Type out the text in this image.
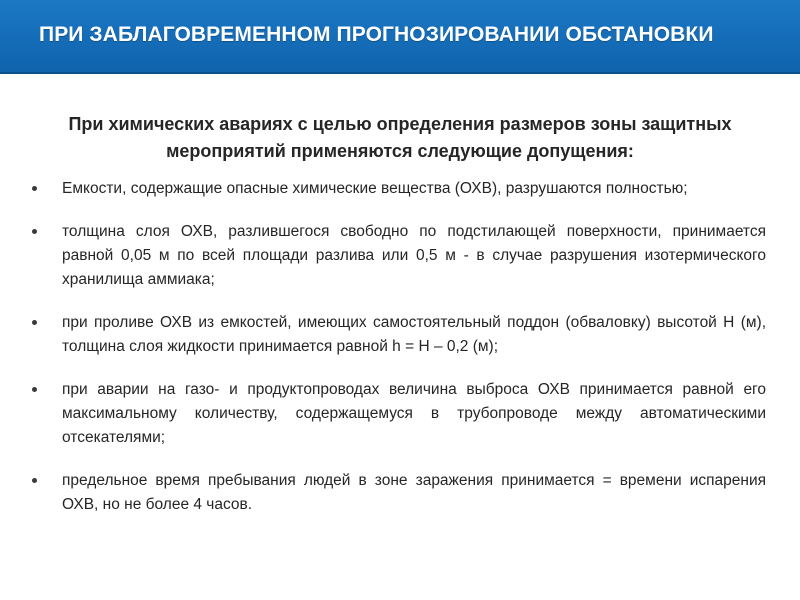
ПРИ ЗАБЛАГОВРЕМЕННОМ ПРОГНОЗИРОВАНИИ ОБСТАНОВКИ
При химических авариях с целью определения размеров зоны защитных мероприятий применяются следующие допущения:
Емкости, содержащие опасные химические вещества (ОХВ), разрушаются полностью;
толщина слоя ОХВ, разлившегося свободно по подстилающей поверхности, принимается равной 0,05 м по всей площади разлива или 0,5 м - в случае разрушения изотермического хранилища аммиака;
при проливе ОХВ из емкостей, имеющих самостоятельный поддон (обваловку) высотой Н (м), толщина слоя жидкости принимается равной h = Н – 0,2 (м);
при аварии на газо- и продуктопроводах величина выброса ОХВ принимается равной его максимальному количеству, содержащемуся в трубопроводе между автоматическими отсекателями;
предельное время пребывания людей в зоне заражения принимается = времени испарения ОХВ, но не более 4 часов.
